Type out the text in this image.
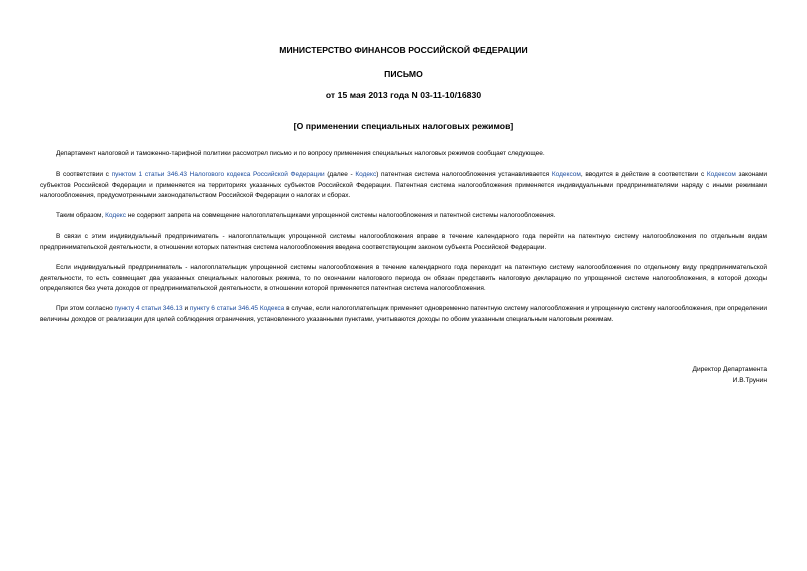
МИНИСТЕРСТВО ФИНАНСОВ РОССИЙСКОЙ ФЕДЕРАЦИИ
ПИСЬМО
от 15 мая 2013 года N 03-11-10/16830
[О применении специальных налоговых режимов]

Департамент налоговой и таможенно-тарифной политики рассмотрел письмо и по вопросу применения специальных налоговых режимов сообщает следующее.

В соответствии с пунктом 1 статьи 346.43 Налогового кодекса Российской Федерации (далее - Кодекс) патентная система налогообложения устанавливается Кодексом, вводится в действие в соответствии с Кодексом законами субъектов Российской Федерации и применяется на территориях указанных субъектов Российской Федерации. Патентная система налогообложения применяется индивидуальными предпринимателями наряду с иными режимами налогообложения, предусмотренными законодательством Российской Федерации о налогах и сборах.

Таким образом, Кодекс не содержит запрета на совмещение налогоплательщиками упрощенной системы налогообложения и патентной системы налогообложения.

В связи с этим индивидуальный предприниматель - налогоплательщик упрощенной системы налогообложения вправе в течение календарного года перейти на патентную систему налогообложения по отдельным видам предпринимательской деятельности, в отношении которых патентная система налогообложения введена соответствующим законом субъекта Российской Федерации.

Если индивидуальный предприниматель - налогоплательщик упрощенной системы налогообложения в течение календарного года переходит на патентную систему налогообложения по отдельному виду предпринимательской деятельности, то есть совмещает два указанных специальных налоговых режима, то по окончании налогового периода он обязан представить налоговую декларацию по упрощенной системе налогообложения, в которой доходы определяются без учета доходов от предпринимательской деятельности, в отношении которой применяется патентная система налогообложения.

При этом согласно пункту 4 статьи 346.13 и пункту 6 статьи 346.45 Кодекса в случае, если налогоплательщик применяет одновременно патентную систему налогообложения и упрощенную систему налогообложения, при определении величины доходов от реализации для целей соблюдения ограничения, установленного указанными пунктами, учитываются доходы по обоим указанным специальным налоговым режимам.

Директор Департамента
И.В.Трунин
